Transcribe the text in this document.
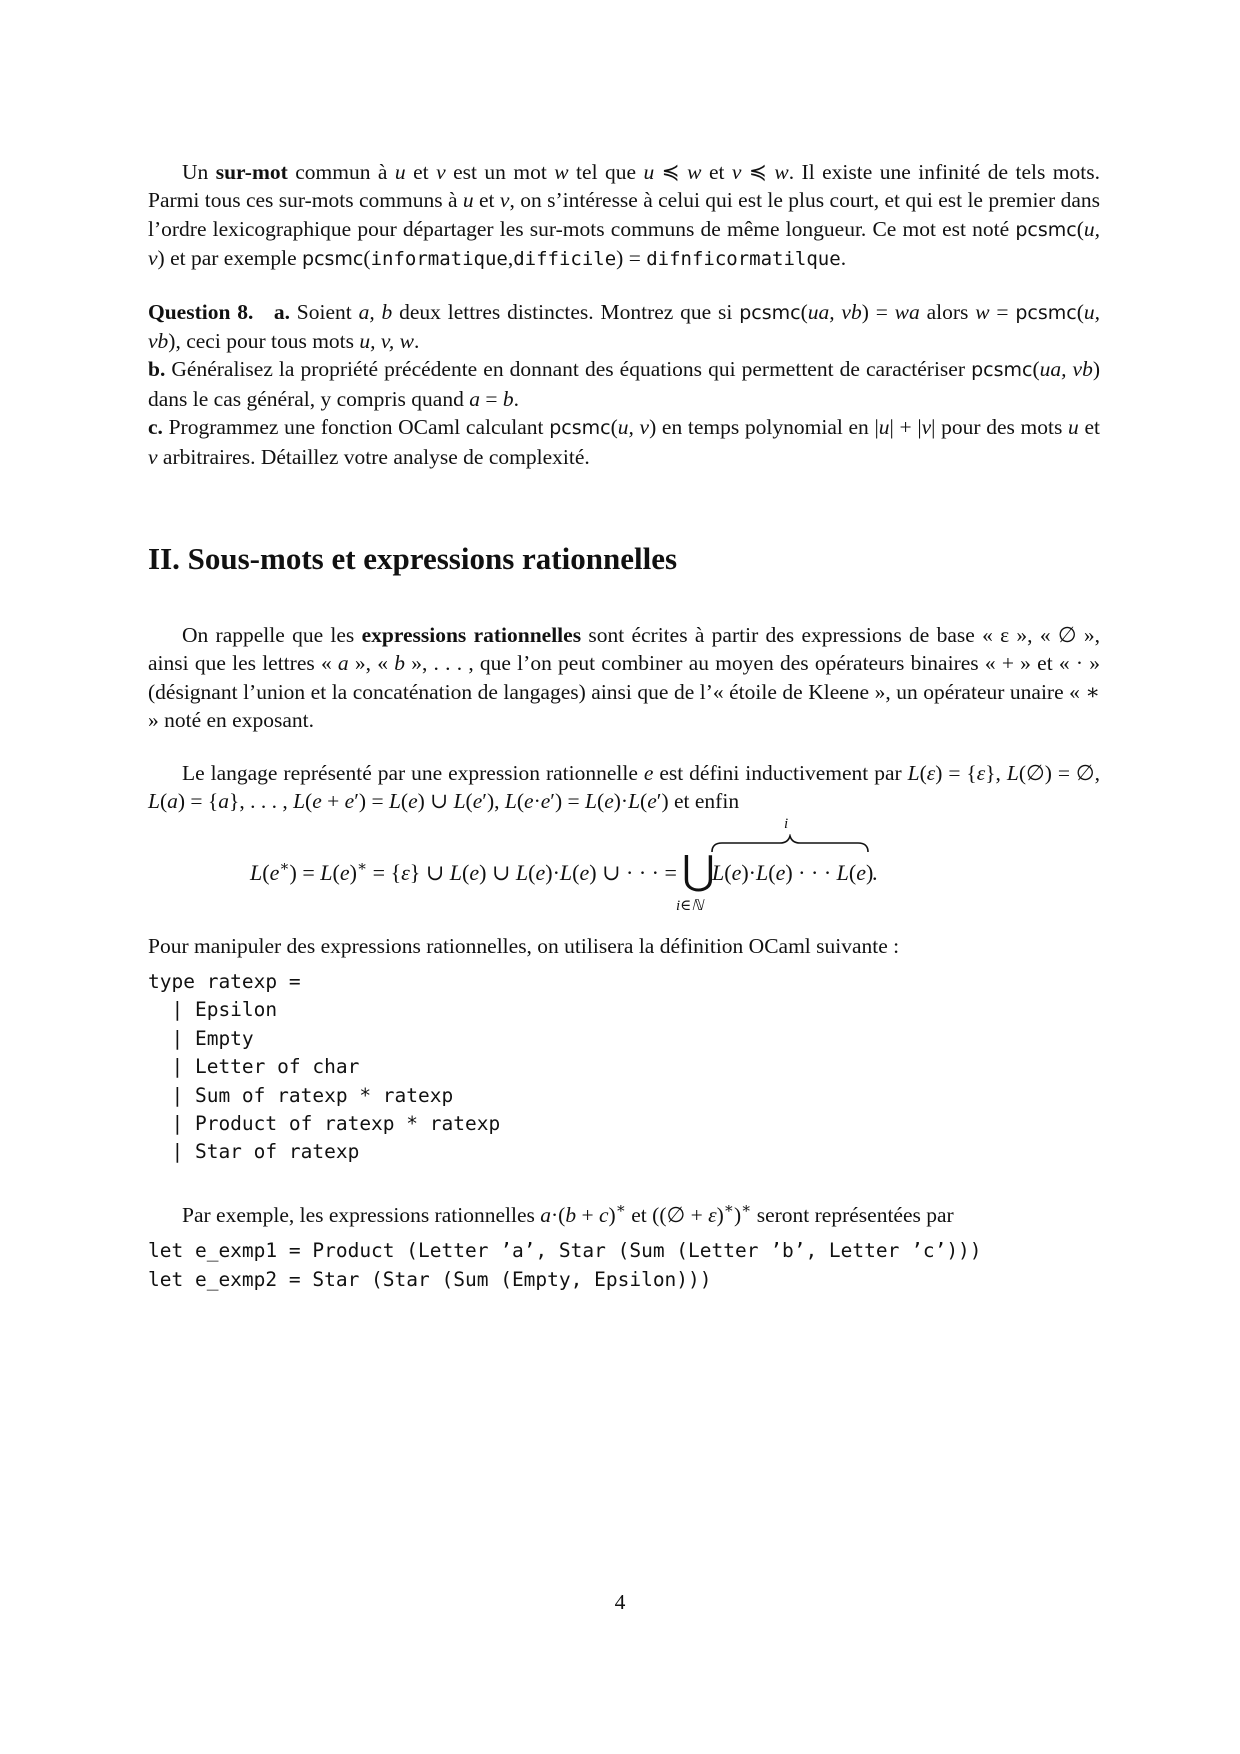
Un sur-mot commun à u et v est un mot w tel que u ≼ w et v ≼ w. Il existe une infinité de tels mots. Parmi tous ces sur-mots communs à u et v, on s’intéresse à celui qui est le plus court, et qui est le premier dans l’ordre lexicographique pour départager les sur-mots communs de même longueur. Ce mot est noté pcsmc(u, v) et par exemple pcsmc(informatique,difficile) = difnficormatilque.

Question 8. a. Soient a, b deux lettres distinctes. Montrez que si pcsmc(ua, vb) = wa alors w = pcsmc(u, vb), ceci pour tous mots u, v, w.
b. Généralisez la propriété précédente en donnant des équations qui permettent de caractériser pcsmc(ua, vb) dans le cas général, y compris quand a = b.
c. Programmez une fonction OCaml calculant pcsmc(u, v) en temps polynomial en |u| + |v| pour des mots u et v arbitraires. Détaillez votre analyse de complexité.

II. Sous-mots et expressions rationnelles

On rappelle que les expressions rationnelles sont écrites à partir des expressions de base « ε », « ∅ », ainsi que les lettres « a », « b », . . . , que l’on peut combiner au moyen des opérateurs binaires « + » et « · » (désignant l’union et la concaténation de langages) ainsi que de l’« étoile de Kleene », un opérateur unaire « ∗ » noté en exposant.

Le langage représenté par une expression rationnelle e est défini inductivement par L(ε) = {ε}, L(∅) = ∅, L(a) = {a}, . . . , L(e + e′) = L(e) ∪ L(e′), L(e·e′) = L(e)·L(e′) et enfin

L(e∗) = L(e)∗ = {ε} ∪ L(e) ∪ L(e)·L(e) ∪ · · · = ⋃
i∈ℕ
i
L(e)·L(e) · · · L(e)
.

Pour manipuler des expressions rationnelles, on utilisera la définition OCaml suivante :

type ratexp =
| Epsilon
| Empty
| Letter of char
| Sum of ratexp * ratexp
| Product of ratexp * ratexp
| Star of ratexp

Par exemple, les expressions rationnelles a·(b + c)∗ et ((∅ + ε)∗)∗ seront représentées par

let e_exmp1 = Product (Letter ’a’, Star (Sum (Letter ’b’, Letter ’c’)))
let e_exmp2 = Star (Star (Sum (Empty, Epsilon)))
4
